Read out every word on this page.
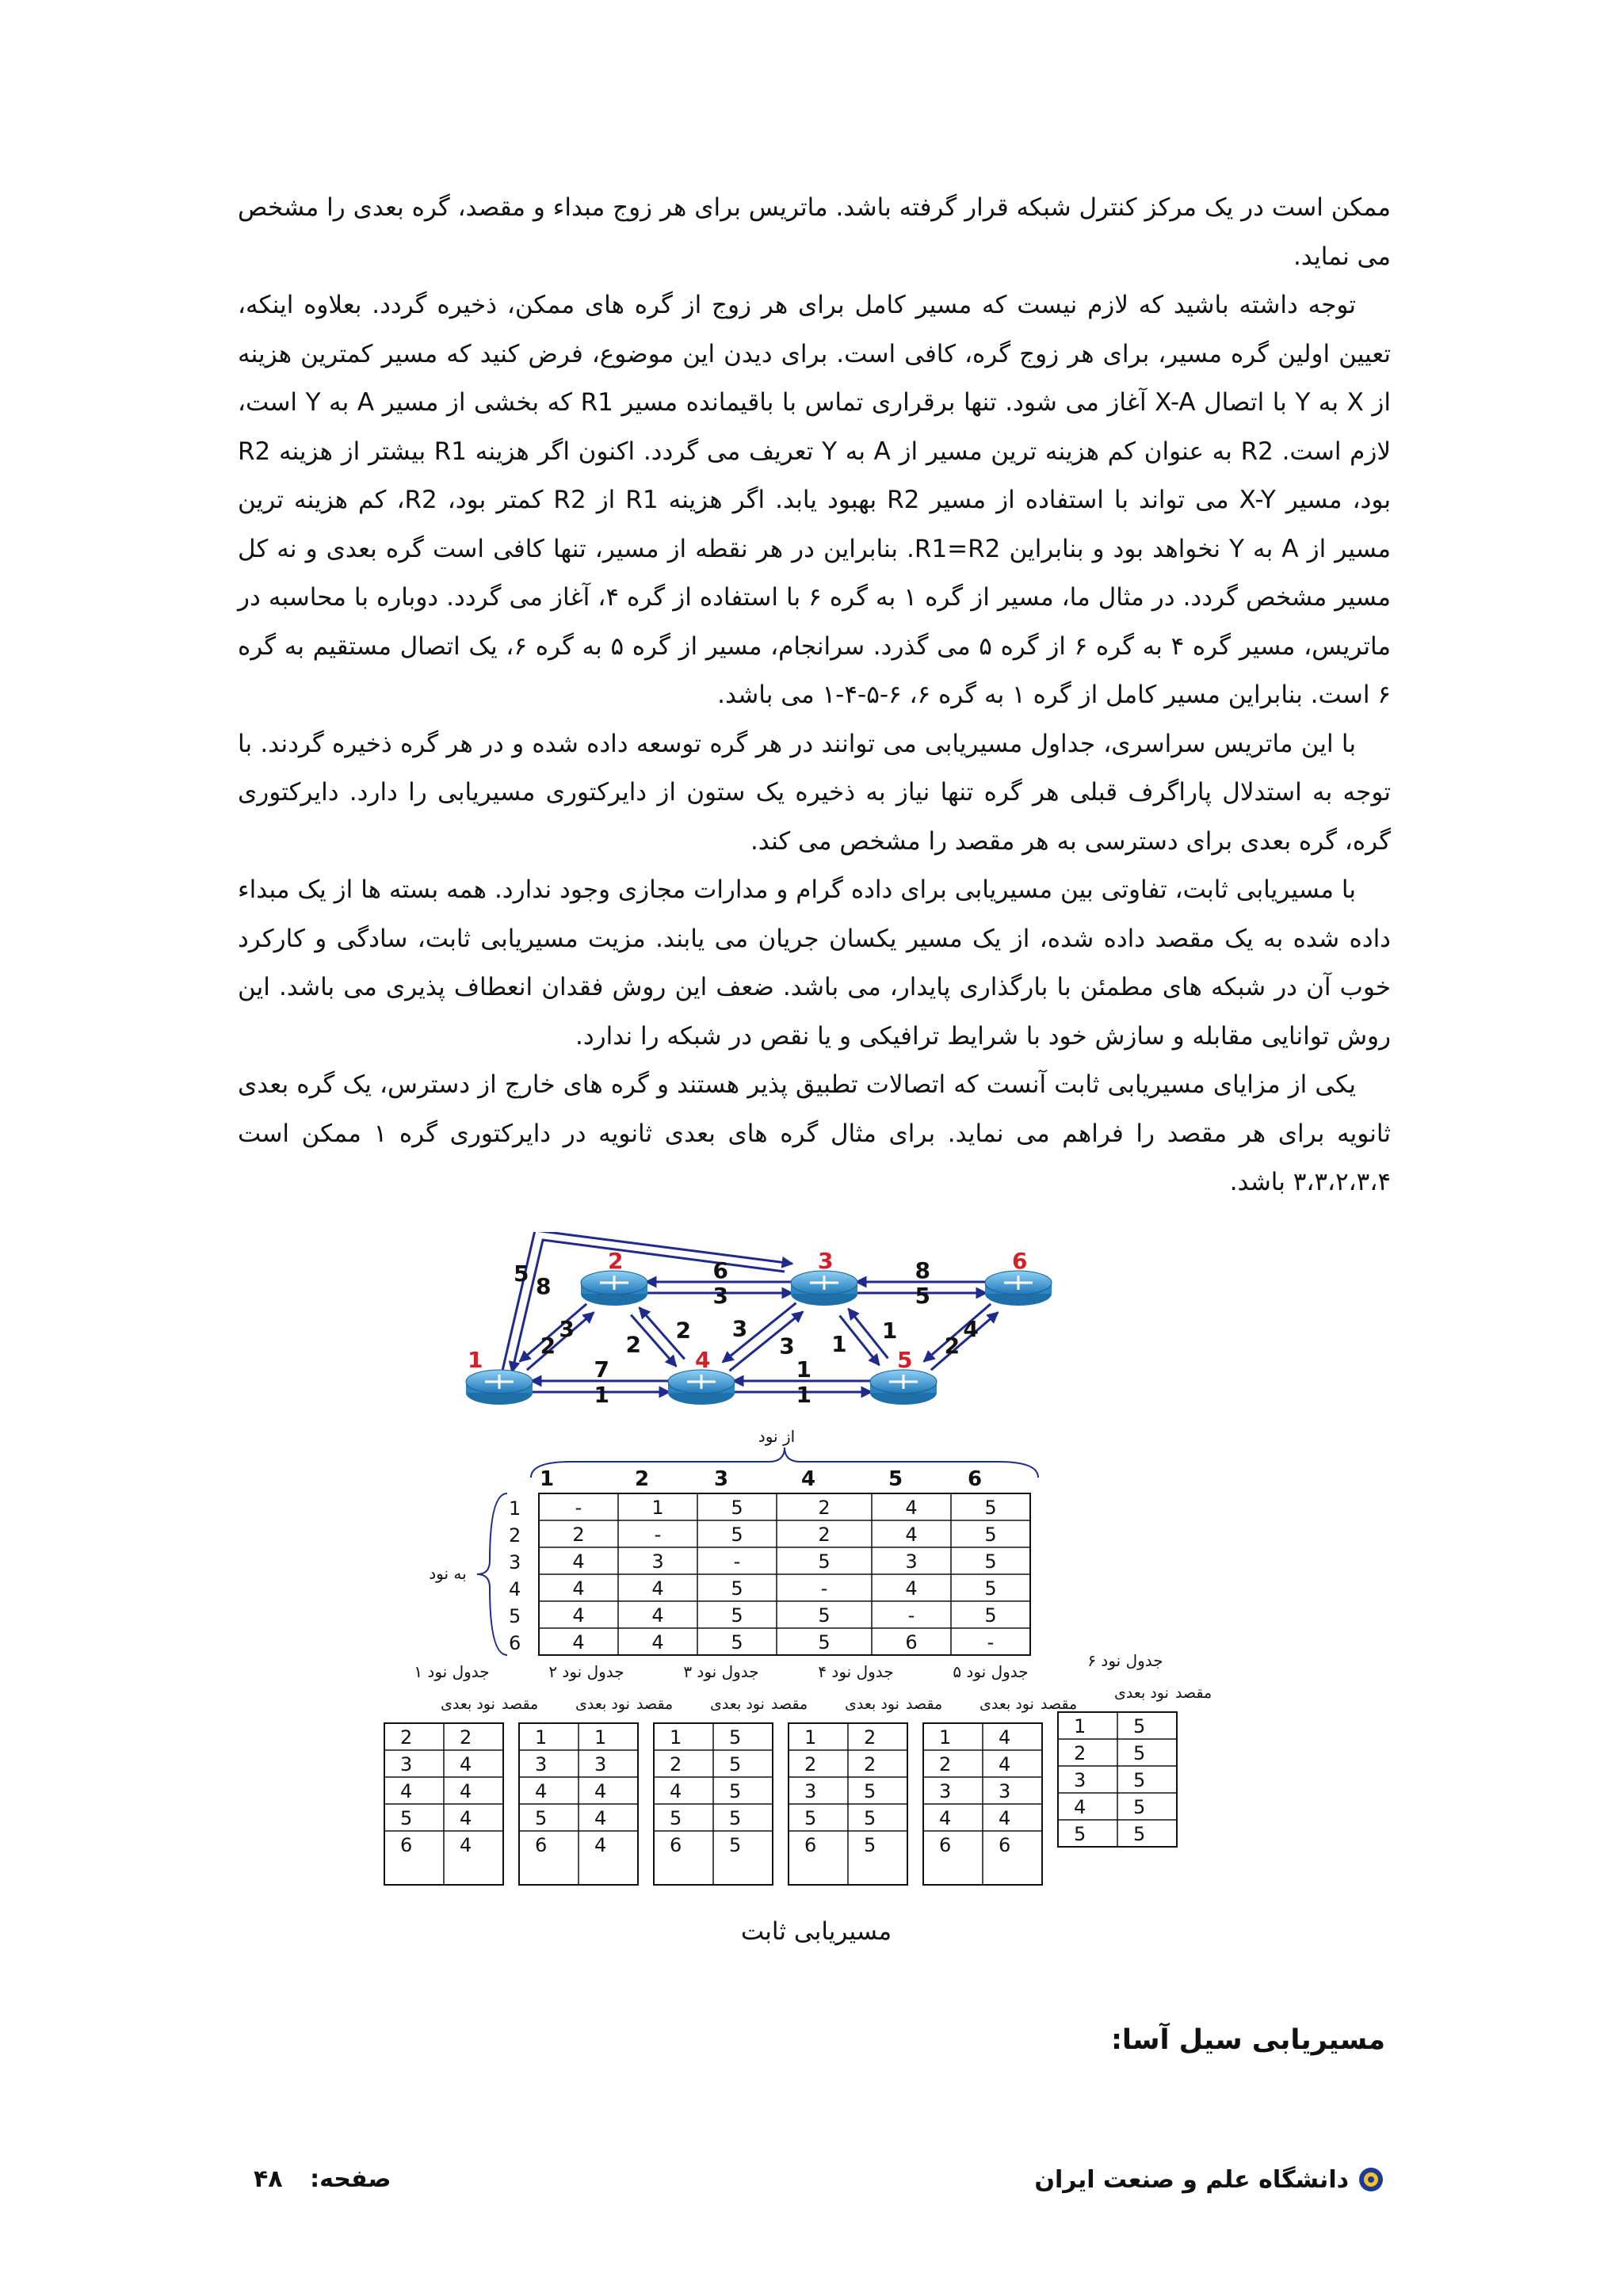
ممکن است در یک مرکز کنترل شبکه قرار گرفته باشد. ماتریس برای هر زوج مبداء و مقصد، گره بعدی را مشخص می نماید.

توجه داشته باشید که لازم نیست که مسیر کامل برای هر زوج از گره های ممکن، ذخیره گردد. بعلاوه اینکه، تعیین اولین گره مسیر، برای هر زوج گره، کافی است. برای دیدن این موضوع، فرض کنید که مسیر کمترین هزینه از X به Y با اتصال X-A آغاز می شود. تنها برقراری تماس با باقیمانده مسیر R1 که بخشی از مسیر A به Y است، لازم است. R2 به عنوان کم هزینه ترین مسیر از A به Y تعریف می گردد. اکنون اگر هزینه R1 بیشتر از هزینه R2 بود، مسیر X-Y می تواند با استفاده از مسیر R2 بهبود یابد. اگر هزینه R1 از R2 کمتر بود، R2، کم هزینه ترین مسیر از A به Y نخواهد بود و بنابراین R1=R2. بنابراین در هر نقطه از مسیر، تنها کافی است گره بعدی و نه کل مسیر مشخص گردد. در مثال ما، مسیر از گره ۱ به گره ۶ با استفاده از گره ۴، آغاز می گردد. دوباره با محاسبه در ماتریس، مسیر گره ۴ به گره ۶ از گره ۵ می گذرد. سرانجام، مسیر از گره ۵ به گره ۶، یک اتصال مستقیم به گره ۶ است. بنابراین مسیر کامل از گره ۱ به گره ۶، ۶-۵-۴-۱ می باشد.

با این ماتریس سراسری، جداول مسیریابی می توانند در هر گره توسعه داده شده و در هر گره ذخیره گردند. با توجه به استدلال پاراگرف قبلی هر گره تنها نیاز به ذخیره یک ستون از دایرکتوری مسیریابی را دارد. دایرکتوری گره، گره بعدی برای دسترسی به هر مقصد را مشخص می کند.

با مسیریابی ثابت، تفاوتی بین مسیریابی برای داده گرام و مدارات مجازی وجود ندارد. همه بسته ها از یک مبداء داده شده به یک مقصد داده شده، از یک مسیر یکسان جریان می یابند. مزیت مسیریابی ثابت، سادگی و کارکرد خوب آن در شبکه های مطمئن با بارگذاری پایدار، می باشد. ضعف این روش فقدان انعطاف پذیری می باشد. این روش توانایی مقابله و سازش خود با شرایط ترافیکی و یا نقص در شبکه را ندارد.

یکی از مزایای مسیریابی ثابت آنست که اتصالات تطبیق پذیر هستند و گره های خارج از دسترس، یک گره بعدی ثانویه برای هر مقصد را فراهم می نماید. برای مثال گره های بعدی ثانویه در دایرکتوری گره ۱ ممکن است ۳،۳،۲،۳،۴ باشد.

2
3
5 8
7
1
6
3
2
2 3
3 1
1
8
5
1
1
2
4
1
2	3
4	5
6
از نود
1	2	3	4	5	6
به نود
1
2
3
4
5
6
-	1	5	2	4	5
2	-	5	2	4	5
4	3	-	5	3	5
4	4	5	-	4	5
4	4	5	5	-	5
4	4	5	5	6	-
جدول نود ۱
مقصد
نود بعدی
2 2
3 4
4 4
5 4
6 4
جدول نود ۲
مقصد
نود بعدی
1 1
3 3
4 4
5 4
6 4
جدول نود ۳
مقصد
نود بعدی
1 5
2 5
4 5
5 5
6 5
جدول نود ۴
مقصد
نود بعدی
1 2
2 2
3 5
5 5
6 5
جدول نود ۵
مقصد
نود بعدی
1 4
2 4
3 3
4 4
6 6
جدول نود ۶
مقصد
نود بعدی
1 5
2 5
3 5
4 5
5 5
مسیریابی ثابت
مسیریابی سیل آسا:
دانشگاه علم و صنعت ایران
صفحه: ۴۸
